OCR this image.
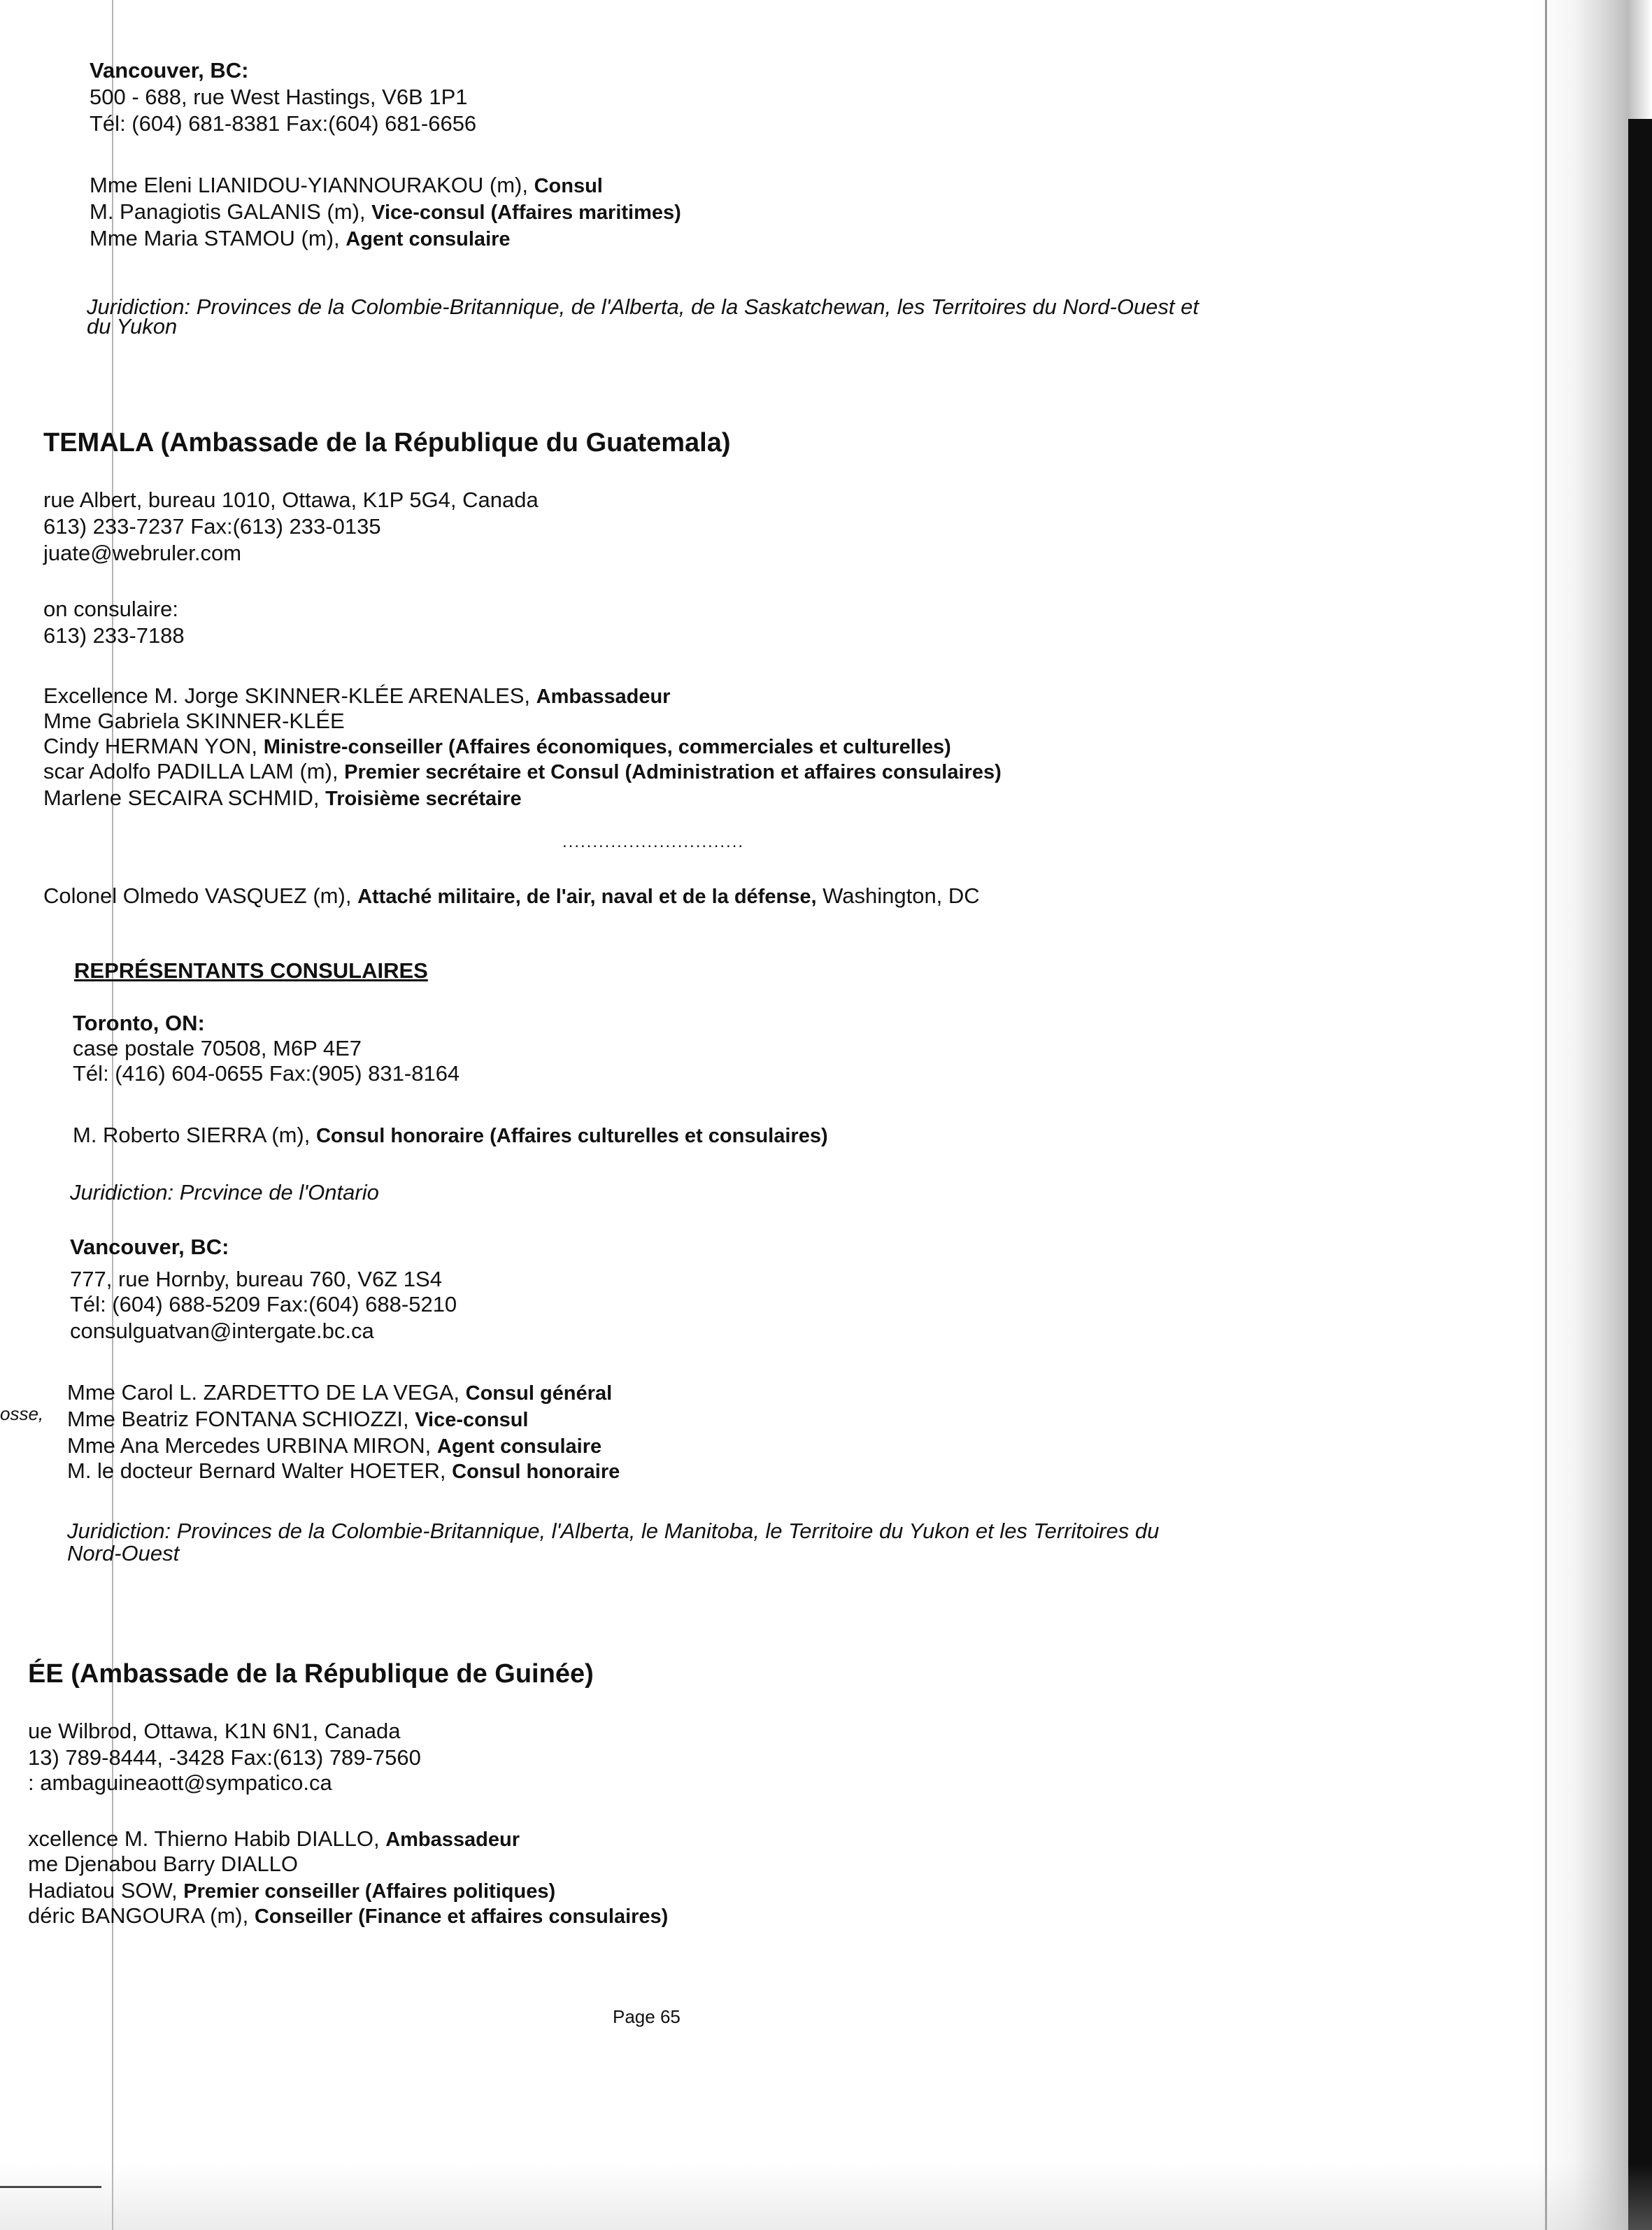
Vancouver, BC:
500 - 688, rue West Hastings, V6B 1P1
Tél: (604) 681-8381 Fax:(604) 681-6656
Mme Eleni LIANIDOU-YIANNOURAKOU (m), Consul
M. Panagiotis GALANIS (m), Vice-consul (Affaires maritimes)
Mme Maria STAMOU (m), Agent consulaire
Juridiction: Provinces de la Colombie-Britannique, de l'Alberta, de la Saskatchewan, les Territoires du Nord-Ouest et
du Yukon
TEMALA (Ambassade de la République du Guatemala)
rue Albert, bureau 1010, Ottawa, K1P 5G4, Canada
613) 233-7237 Fax:(613) 233-0135
juate@webruler.com
on consulaire:
613) 233-7188
Excellence M. Jorge SKINNER-KLÉE ARENALES, Ambassadeur
Mme Gabriela SKINNER-KLÉE
Cindy HERMAN YON, Ministre-conseiller (Affaires économiques, commerciales et culturelles)
scar Adolfo PADILLA LAM (m), Premier secrétaire et Consul (Administration et affaires consulaires)
Marlene SECAIRA SCHMID, Troisième secrétaire
..............................
Colonel Olmedo VASQUEZ (m), Attaché militaire, de l'air, naval et de la défense, Washington, DC
REPRÉSENTANTS CONSULAIRES
Toronto, ON:
case postale 70508, M6P 4E7
Tél: (416) 604-0655 Fax:(905) 831-8164
M. Roberto SIERRA (m), Consul honoraire (Affaires culturelles et consulaires)
Juridiction: Prcvince de l'Ontario
Vancouver, BC:
777, rue Hornby, bureau 760, V6Z 1S4
Tél: (604) 688-5209 Fax:(604) 688-5210
consulguatvan@intergate.bc.ca
osse,
Mme Carol L. ZARDETTO DE LA VEGA, Consul général
Mme Beatriz FONTANA SCHIOZZI, Vice-consul
Mme Ana Mercedes URBINA MIRON, Agent consulaire
M. le docteur Bernard Walter HOETER, Consul honoraire
Juridiction: Provinces de la Colombie-Britannique, l'Alberta, le Manitoba, le Territoire du Yukon et les Territoires du
Nord-Ouest
ÉE (Ambassade de la République de Guinée)
ue Wilbrod, Ottawa, K1N 6N1, Canada
13) 789-8444, -3428 Fax:(613) 789-7560
: ambaguineaott@sympatico.ca
xcellence M. Thierno Habib DIALLO, Ambassadeur
me Djenabou Barry DIALLO
Hadiatou SOW, Premier conseiller (Affaires politiques)
déric BANGOURA (m), Conseiller (Finance et affaires consulaires)
Page 65
